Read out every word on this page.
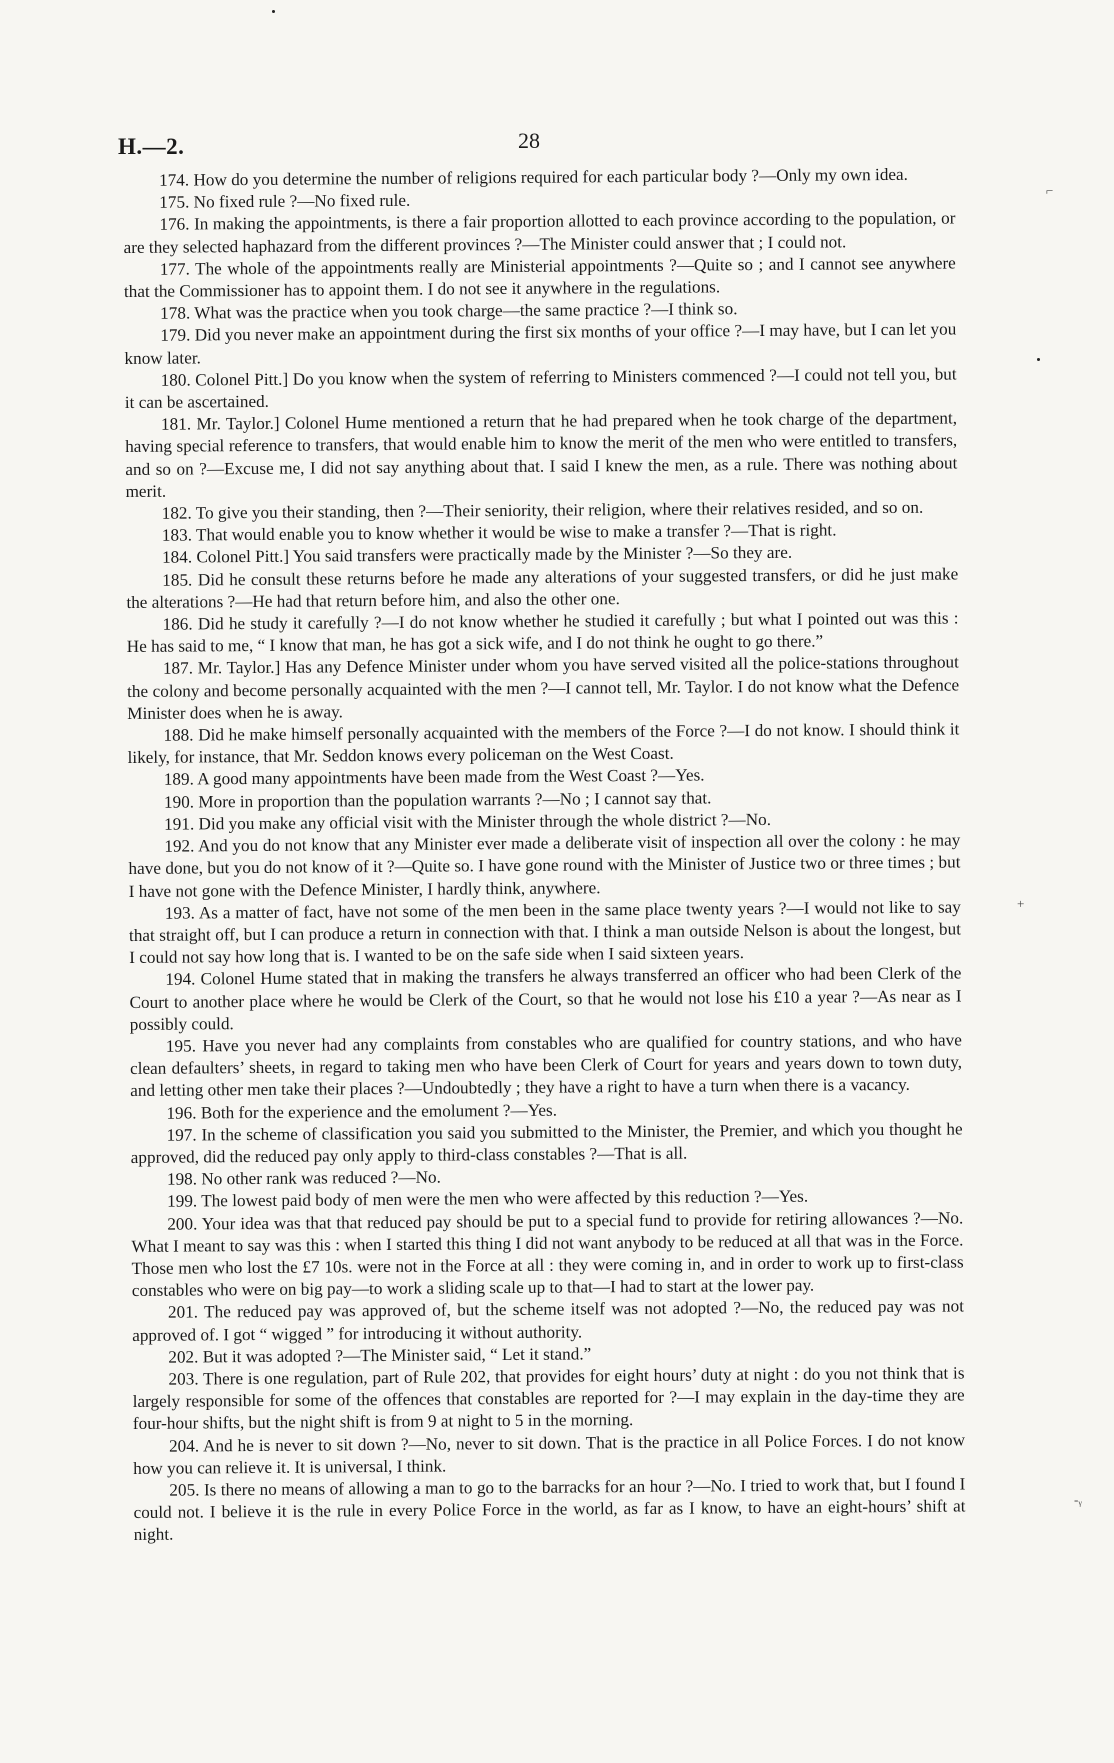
H.—2.	28
⌐
+
-ᵧ

174. How do you determine the number of religions required for each particular body ?—Only my own idea.

175. No fixed rule ?—No fixed rule.

176. In making the appointments, is there a fair proportion allotted to each province according to the population, or are they selected haphazard from the different provinces ?—The Minister could answer that ; I could not.

177. The whole of the appointments really are Ministerial appointments ?—Quite so ; and I cannot see anywhere that the Commissioner has to appoint them. I do not see it anywhere in the regulations.

178. What was the practice when you took charge—the same practice ?—I think so.

179. Did you never make an appointment during the first six months of your office ?—I may have, but I can let you know later.

180. Colonel Pitt.] Do you know when the system of referring to Ministers commenced ?—I could not tell you, but it can be ascertained.

181. Mr. Taylor.] Colonel Hume mentioned a return that he had prepared when he took charge of the department, having special reference to transfers, that would enable him to know the merit of the men who were entitled to transfers, and so on ?—Excuse me, I did not say anything about that. I said I knew the men, as a rule. There was nothing about merit.

182. To give you their standing, then ?—Their seniority, their religion, where their relatives resided, and so on.

183. That would enable you to know whether it would be wise to make a transfer ?—That is right.

184. Colonel Pitt.] You said transfers were practically made by the Minister ?—So they are.

185. Did he consult these returns before he made any alterations of your suggested transfers, or did he just make the alterations ?—He had that return before him, and also the other one.

186. Did he study it carefully ?—I do not know whether he studied it carefully ; but what I pointed out was this : He has said to me, “ I know that man, he has got a sick wife, and I do not think he ought to go there.”

187. Mr. Taylor.] Has any Defence Minister under whom you have served visited all the police-stations throughout the colony and become personally acquainted with the men ?—I cannot tell, Mr. Taylor. I do not know what the Defence Minister does when he is away.

188. Did he make himself personally acquainted with the members of the Force ?—I do not know. I should think it likely, for instance, that Mr. Seddon knows every policeman on the West Coast.

189. A good many appointments have been made from the West Coast ?—Yes.

190. More in proportion than the population warrants ?—No ; I cannot say that.

191. Did you make any official visit with the Minister through the whole district ?—No.

192. And you do not know that any Minister ever made a deliberate visit of inspection all over the colony : he may have done, but you do not know of it ?—Quite so. I have gone round with the Minister of Justice two or three times ; but I have not gone with the Defence Minister, I hardly think, anywhere.

193. As a matter of fact, have not some of the men been in the same place twenty years ?—I would not like to say that straight off, but I can produce a return in connection with that. I think a man outside Nelson is about the longest, but I could not say how long that is. I wanted to be on the safe side when I said sixteen years.

194. Colonel Hume stated that in making the transfers he always transferred an officer who had been Clerk of the Court to another place where he would be Clerk of the Court, so that he would not lose his £10 a year ?—As near as I possibly could.

195. Have you never had any complaints from constables who are qualified for country stations, and who have clean defaulters’ sheets, in regard to taking men who have been Clerk of Court for years and years down to town duty, and letting other men take their places ?—Undoubtedly ; they have a right to have a turn when there is a vacancy.

196. Both for the experience and the emolument ?—Yes.

197. In the scheme of classification you said you submitted to the Minister, the Premier, and which you thought he approved, did the reduced pay only apply to third-class constables ?—That is all.

198. No other rank was reduced ?—No.

199. The lowest paid body of men were the men who were affected by this reduction ?—Yes.

200. Your idea was that that reduced pay should be put to a special fund to provide for retiring allowances ?—No. What I meant to say was this : when I started this thing I did not want anybody to be reduced at all that was in the Force. Those men who lost the £7 10s. were not in the Force at all : they were coming in, and in order to work up to first-class constables who were on big pay—to work a sliding scale up to that—I had to start at the lower pay.

201. The reduced pay was approved of, but the scheme itself was not adopted ?—No, the reduced pay was not approved of. I got “ wigged ” for introducing it without authority.

202. But it was adopted ?—The Minister said, “ Let it stand.”

203. There is one regulation, part of Rule 202, that provides for eight hours’ duty at night : do you not think that is largely responsible for some of the offences that constables are reported for ?—I may explain in the day-time they are four-hour shifts, but the night shift is from 9 at night to 5 in the morning.

204. And he is never to sit down ?—No, never to sit down. That is the practice in all Police Forces. I do not know how you can relieve it. It is universal, I think.

205. Is there no means of allowing a man to go to the barracks for an hour ?—No. I tried to work that, but I found I could not. I believe it is the rule in every Police Force in the world, as far as I know, to have an eight-hours’ shift at night.
